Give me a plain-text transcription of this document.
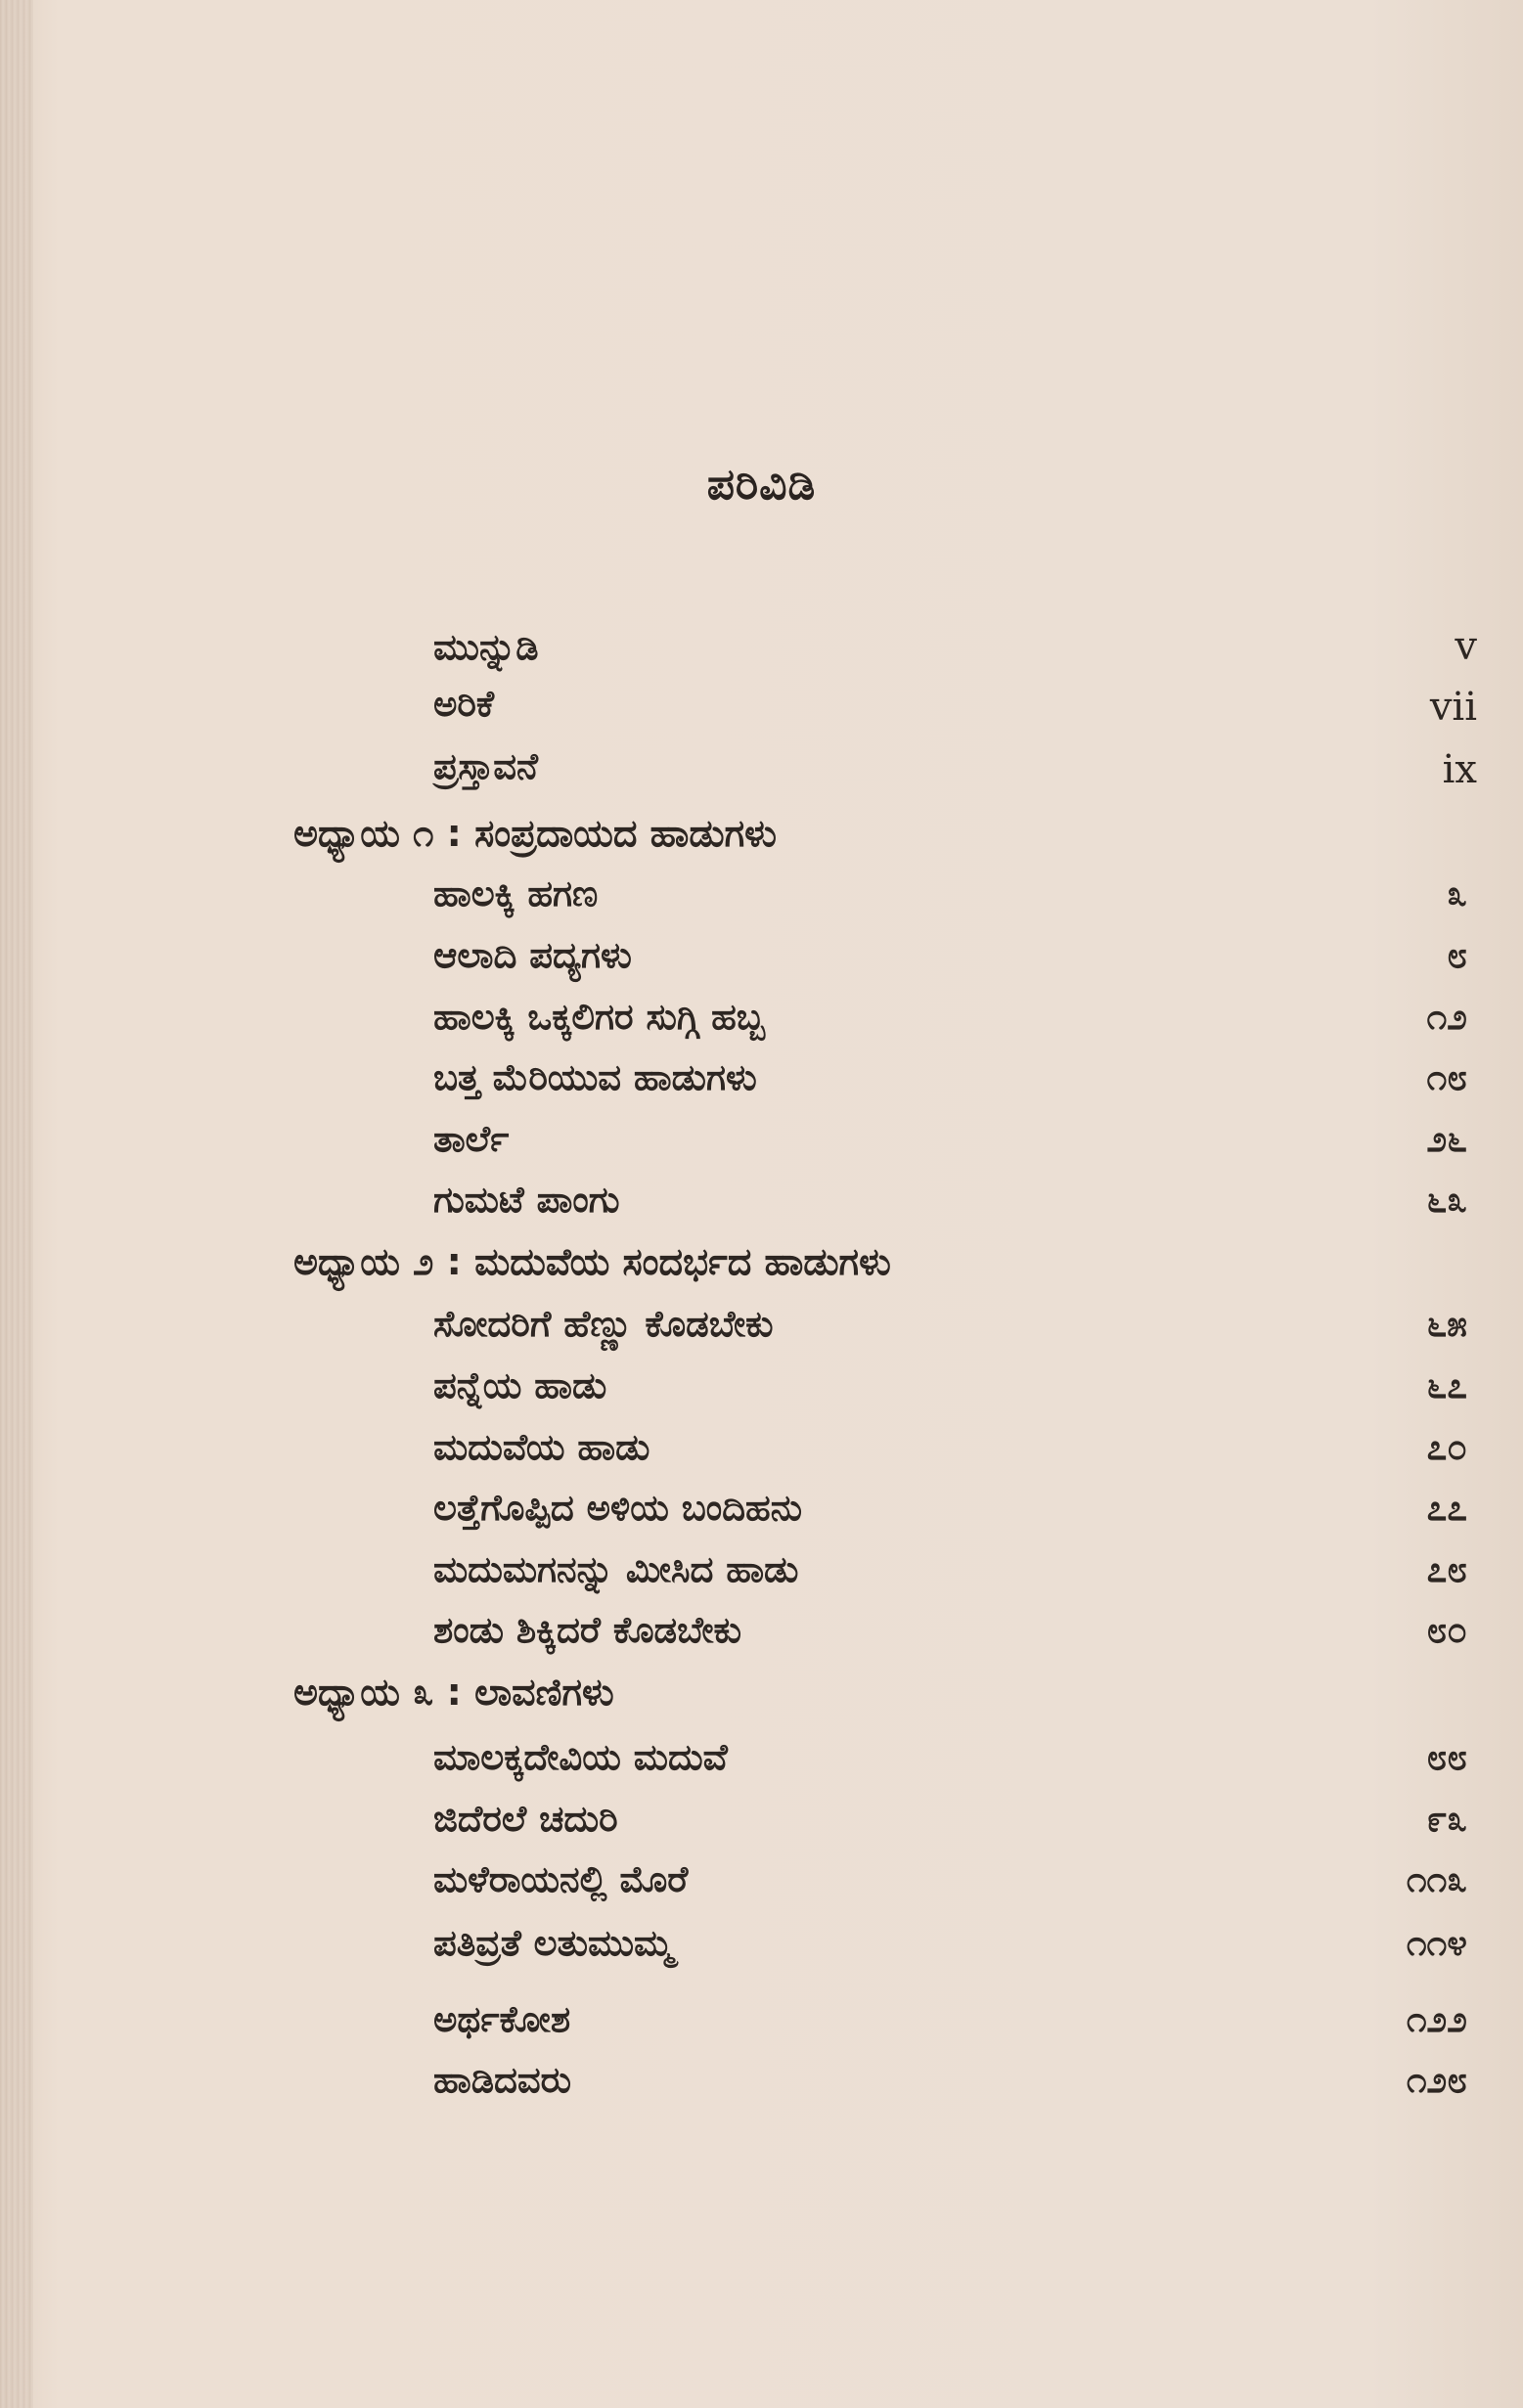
ಪರಿವಿಡಿ
ಮುನ್ನುಡಿ	v
ಅರಿಕೆ	vii
ಪ್ರಸ್ತಾವನೆ	ix
ಅಧ್ಯಾಯ ೧ : ಸಂಪ್ರದಾಯದ ಹಾಡುಗಳು
ಹಾಲಕ್ಕಿ ಹಗಣ	೩
ಆಲಾದಿ ಪದ್ಯಗಳು	೮
ಹಾಲಕ್ಕಿ ಒಕ್ಕಲಿಗರ ಸುಗ್ಗಿ ಹಬ್ಬ	೧೨
ಬತ್ತ ಮೆರಿಯುವ ಹಾಡುಗಳು	೧೮
ತಾರ್ಲೆ	೨೬
ಗುಮಟೆ ಪಾಂಗು	೬೩
ಅಧ್ಯಾಯ ೨ : ಮದುವೆಯ ಸಂದರ್ಭದ ಹಾಡುಗಳು
ಸೋದರಿಗೆ ಹೆಣ್ಣು ಕೊಡಬೇಕು	೬೫
ಪನ್ನೆಯ ಹಾಡು	೬೭
ಮದುವೆಯ ಹಾಡು	೭೦
ಲತ್ತೆಗೊಪ್ಪಿದ ಅಳಿಯ ಬಂದಿಹನು	೭೭
ಮದುಮಗನನ್ನು ಮೀಸಿದ ಹಾಡು	೭೮
ಶಂಡು ಶಿಕ್ಕಿದರೆ ಕೊಡಬೇಕು	೮೦
ಅಧ್ಯಾಯ ೩ : ಲಾವಣಿಗಳು
ಮಾಲಕ್ಕದೇವಿಯ ಮದುವೆ	೮೮
ಜಿದೆರಲೆ ಚದುರಿ	೯೩
ಮಳೆರಾಯನಲ್ಲಿ ಮೊರೆ	೧೧೩
ಪತಿವ್ರತೆ ಲತುಮುಮ್ಮ	೧೧೪
ಅರ್ಥಕೋಶ	೧೨೨
ಹಾಡಿದವರು	೧೨೮
